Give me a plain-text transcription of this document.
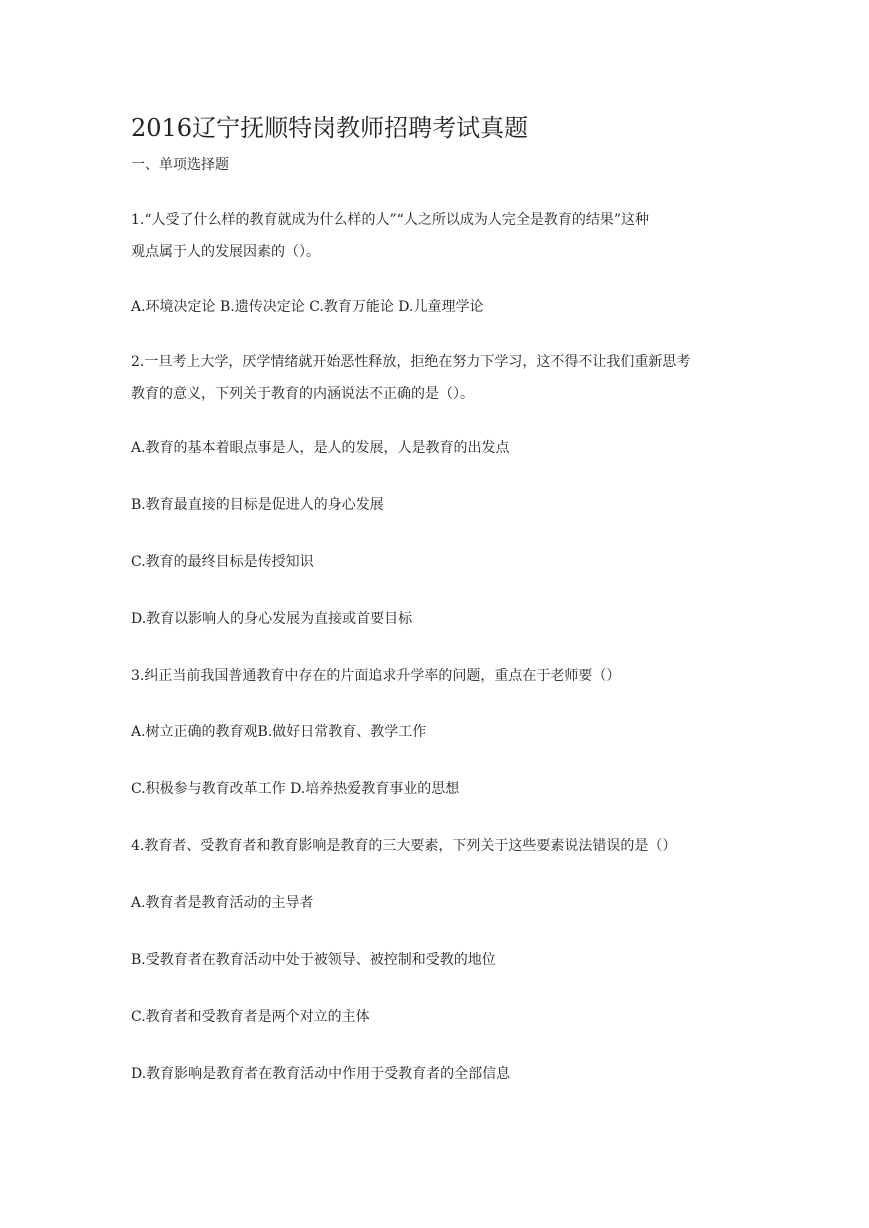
2016辽宁抚顺特岗教师招聘考试真题

一、单项选择题

1.“人受了什么样的教育就成为什么样的人”“人之所以成为人完全是教育的结果”这种
观点属于人的发展因素的（）。

A.环境决定论 B.遗传决定论 C.教育万能论 D.儿童理学论

2.一旦考上大学，厌学情绪就开始恶性释放，拒绝在努力下学习，这不得不让我们重新思考
教育的意义，下列关于教育的内涵说法不正确的是（）。

A.教育的基本着眼点事是人，是人的发展，人是教育的出发点

B.教育最直接的目标是促进人的身心发展

C.教育的最终目标是传授知识

D.教育以影响人的身心发展为直接或首要目标

3.纠正当前我国普通教育中存在的片面追求升学率的问题，重点在于老师要（）

A.树立正确的教育观B.做好日常教育、教学工作

C.积极参与教育改革工作 D.培养热爱教育事业的思想

4.教育者、受教育者和教育影响是教育的三大要素，下列关于这些要素说法错误的是（）

A.教育者是教育活动的主导者

B.受教育者在教育活动中处于被领导、被控制和受教的地位

C.教育者和受教育者是两个对立的主体

D.教育影响是教育者在教育活动中作用于受教育者的全部信息
